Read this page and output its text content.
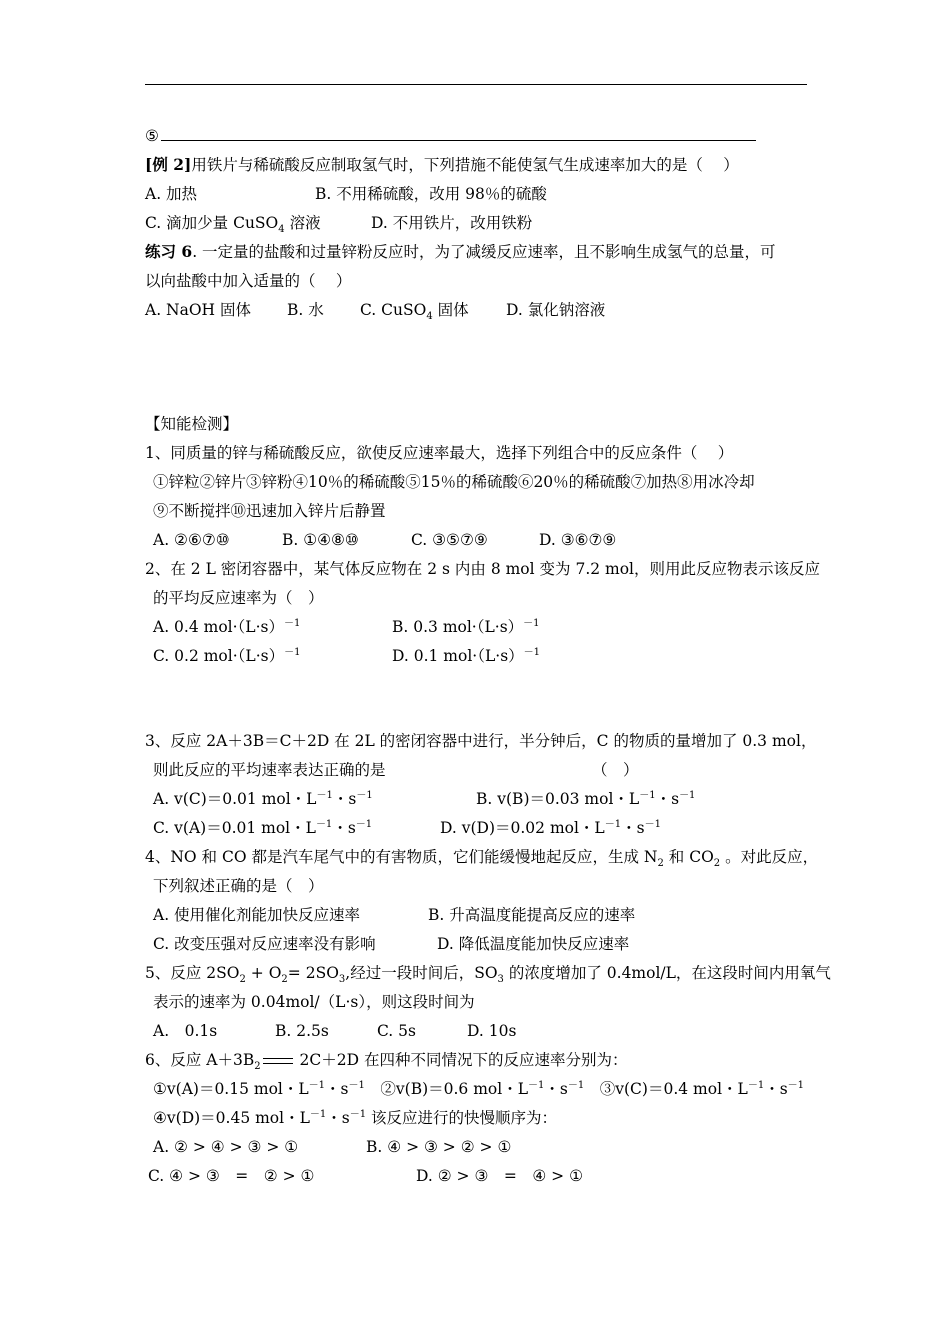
⑤
[例 2]用铁片与稀硫酸反应制取氢气时，下列措施不能使氢气生成速率加大的是（　 ）
A. 加热	B. 不用稀硫酸，改用 98％的硫酸
C. 滴加少量 CuSO$_4$ 溶液	D. 不用铁片，改用铁粉
练习 6. 一定量的盐酸和过量锌粉反应时，为了减缓反应速率，且不影响生成氢气的总量，可
以向盐酸中加入适量的（　 ）
A. NaOH 固体 B. 水 C. CuSO$_4$ 固体 D. 氯化钠溶液
【知能检测】
1、同质量的锌与稀硫酸反应，欲使反应速率最大，选择下列组合中的反应条件（　 ）
①锌粒②锌片③锌粉④10％的稀硫酸⑤15％的稀硫酸⑥20％的稀硫酸⑦加热⑧用冰冷却
⑨不断搅拌⑩迅速加入锌片后静置
A. ②⑥⑦⑩	B. ①④⑧⑩	C. ③⑤⑦⑨	D. ③⑥⑦⑨
2、在 2 L 密闭容器中，某气体反应物在 2 s 内由 8 mol 变为 7.2 mol，则用此反应物表示该反应
的平均反应速率为（　）
A. 0.4 $mol\cdot(L\cdot s)^{-1}$	B. 0.3 $mol\cdot(L\cdot s)^{-1}$
C. 0.2 $mol\cdot(L\cdot s)^{-1}$	D. 0.1 $mol\cdot(L\cdot s)^{-1}$
3、反应 2A＋3B＝C＋2D 在 2L 的密闭容器中进行，半分钟后，C 的物质的量增加了 0.3 mol，
则此反应的平均速率表达正确的是	（　）
A. v(C)＝0.01 mol・$L^{-1}$・$s^{-1}$	B. v(B)＝0.03 mol・$L^{-1}$・$s^{-1}$
C. v(A)＝0.01 mol・$L^{-1}$・$s^{-1}$	D. v(D)＝0.02 mol・$L^{-1}$・$s^{-1}$
4、NO 和 CO 都是汽车尾气中的有害物质，它们能缓慢地起反应，生成 $N_2$ 和 $CO_2$ 。对此反应，
下列叙述正确的是（　）
A. 使用催化剂能加快反应速率	B. 升高温度能提高反应的速率
C. 改变压强对反应速率没有影响	D. 降低温度能加快反应速率
5、反应 $2SO_2 + O_2= 2SO_3$,经过一段时间后，$SO_3$ 的浓度增加了 0.4mol/L，在这段时间内用氧气
表示的速率为 0.04mol/（L·s），则这段时间为
A.　0.1s	B. 2.5s	C. 5s	D. 10s
6、反应 $A+3B_2$ 2C＋2D 在四种不同情况下的反应速率分别为：
①v(A)＝0.15 mol・$L^{-1}$・$s^{-1}$　 ②v(B)＝0.6 mol・$L^{-1}$・$s^{-1}$　 ③v(C)＝0.4 mol・$L^{-1}$・$s^{-1}$
④v(D)＝0.45 mol・$L^{-1}$・$s^{-1}$ 该反应进行的快慢顺序为：
A. ② > ④ > ③ > ①	B. ④ > ③ > ② > ①
C. ④ > ③　=　② > ①	D. ② > ③　=　④ > ①
